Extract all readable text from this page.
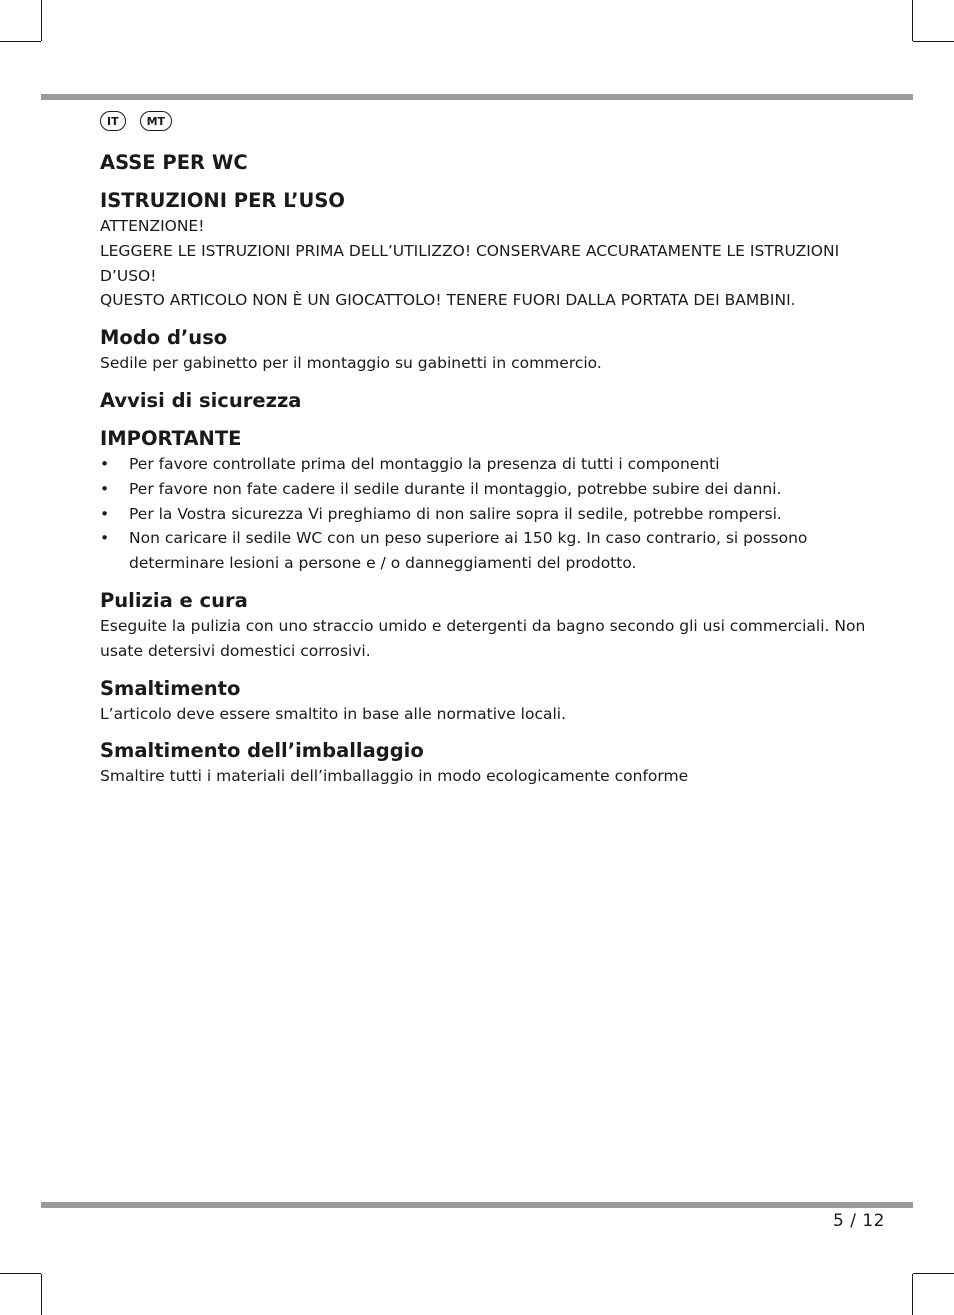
IT	MT
ASSE PER WC
ISTRUZIONI PER L’USO

ATTENZIONE!

LEGGERE LE ISTRUZIONI PRIMA DELL’UTILIZZO! CONSERVARE ACCURATAMENTE LE ISTRUZIONI D’USO!

QUESTO ARTICOLO NON È UN GIOCATTOLO! TENERE FUORI DALLA PORTATA DEI BAMBINI.

Modo d’uso

Sedile per gabinetto per il montaggio su gabinetti in commercio.

Avvisi di sicurezza
IMPORTANTE
• Per favore controllate prima del montaggio la presenza di tutti i componenti
• Per favore non fate cadere il sedile durante il montaggio, potrebbe subire dei danni.
• Per la Vostra sicurezza Vi preghiamo di non salire sopra il sedile, potrebbe rompersi.
• Non caricare il sedile WC con un peso superiore ai 150 kg. In caso contrario, si possono determinare lesioni a persone e / o danneggiamenti del prodotto.
Pulizia e cura

Eseguite la pulizia con uno straccio umido e detergenti da bagno secondo gli usi commerciali. Non usate detersivi domestici corrosivi.

Smaltimento

L’articolo deve essere smaltito in base alle normative locali.

Smaltimento dell’imballaggio

Smaltire tutti i materiali dell’imballaggio in modo ecologicamente conforme

5 / 12
